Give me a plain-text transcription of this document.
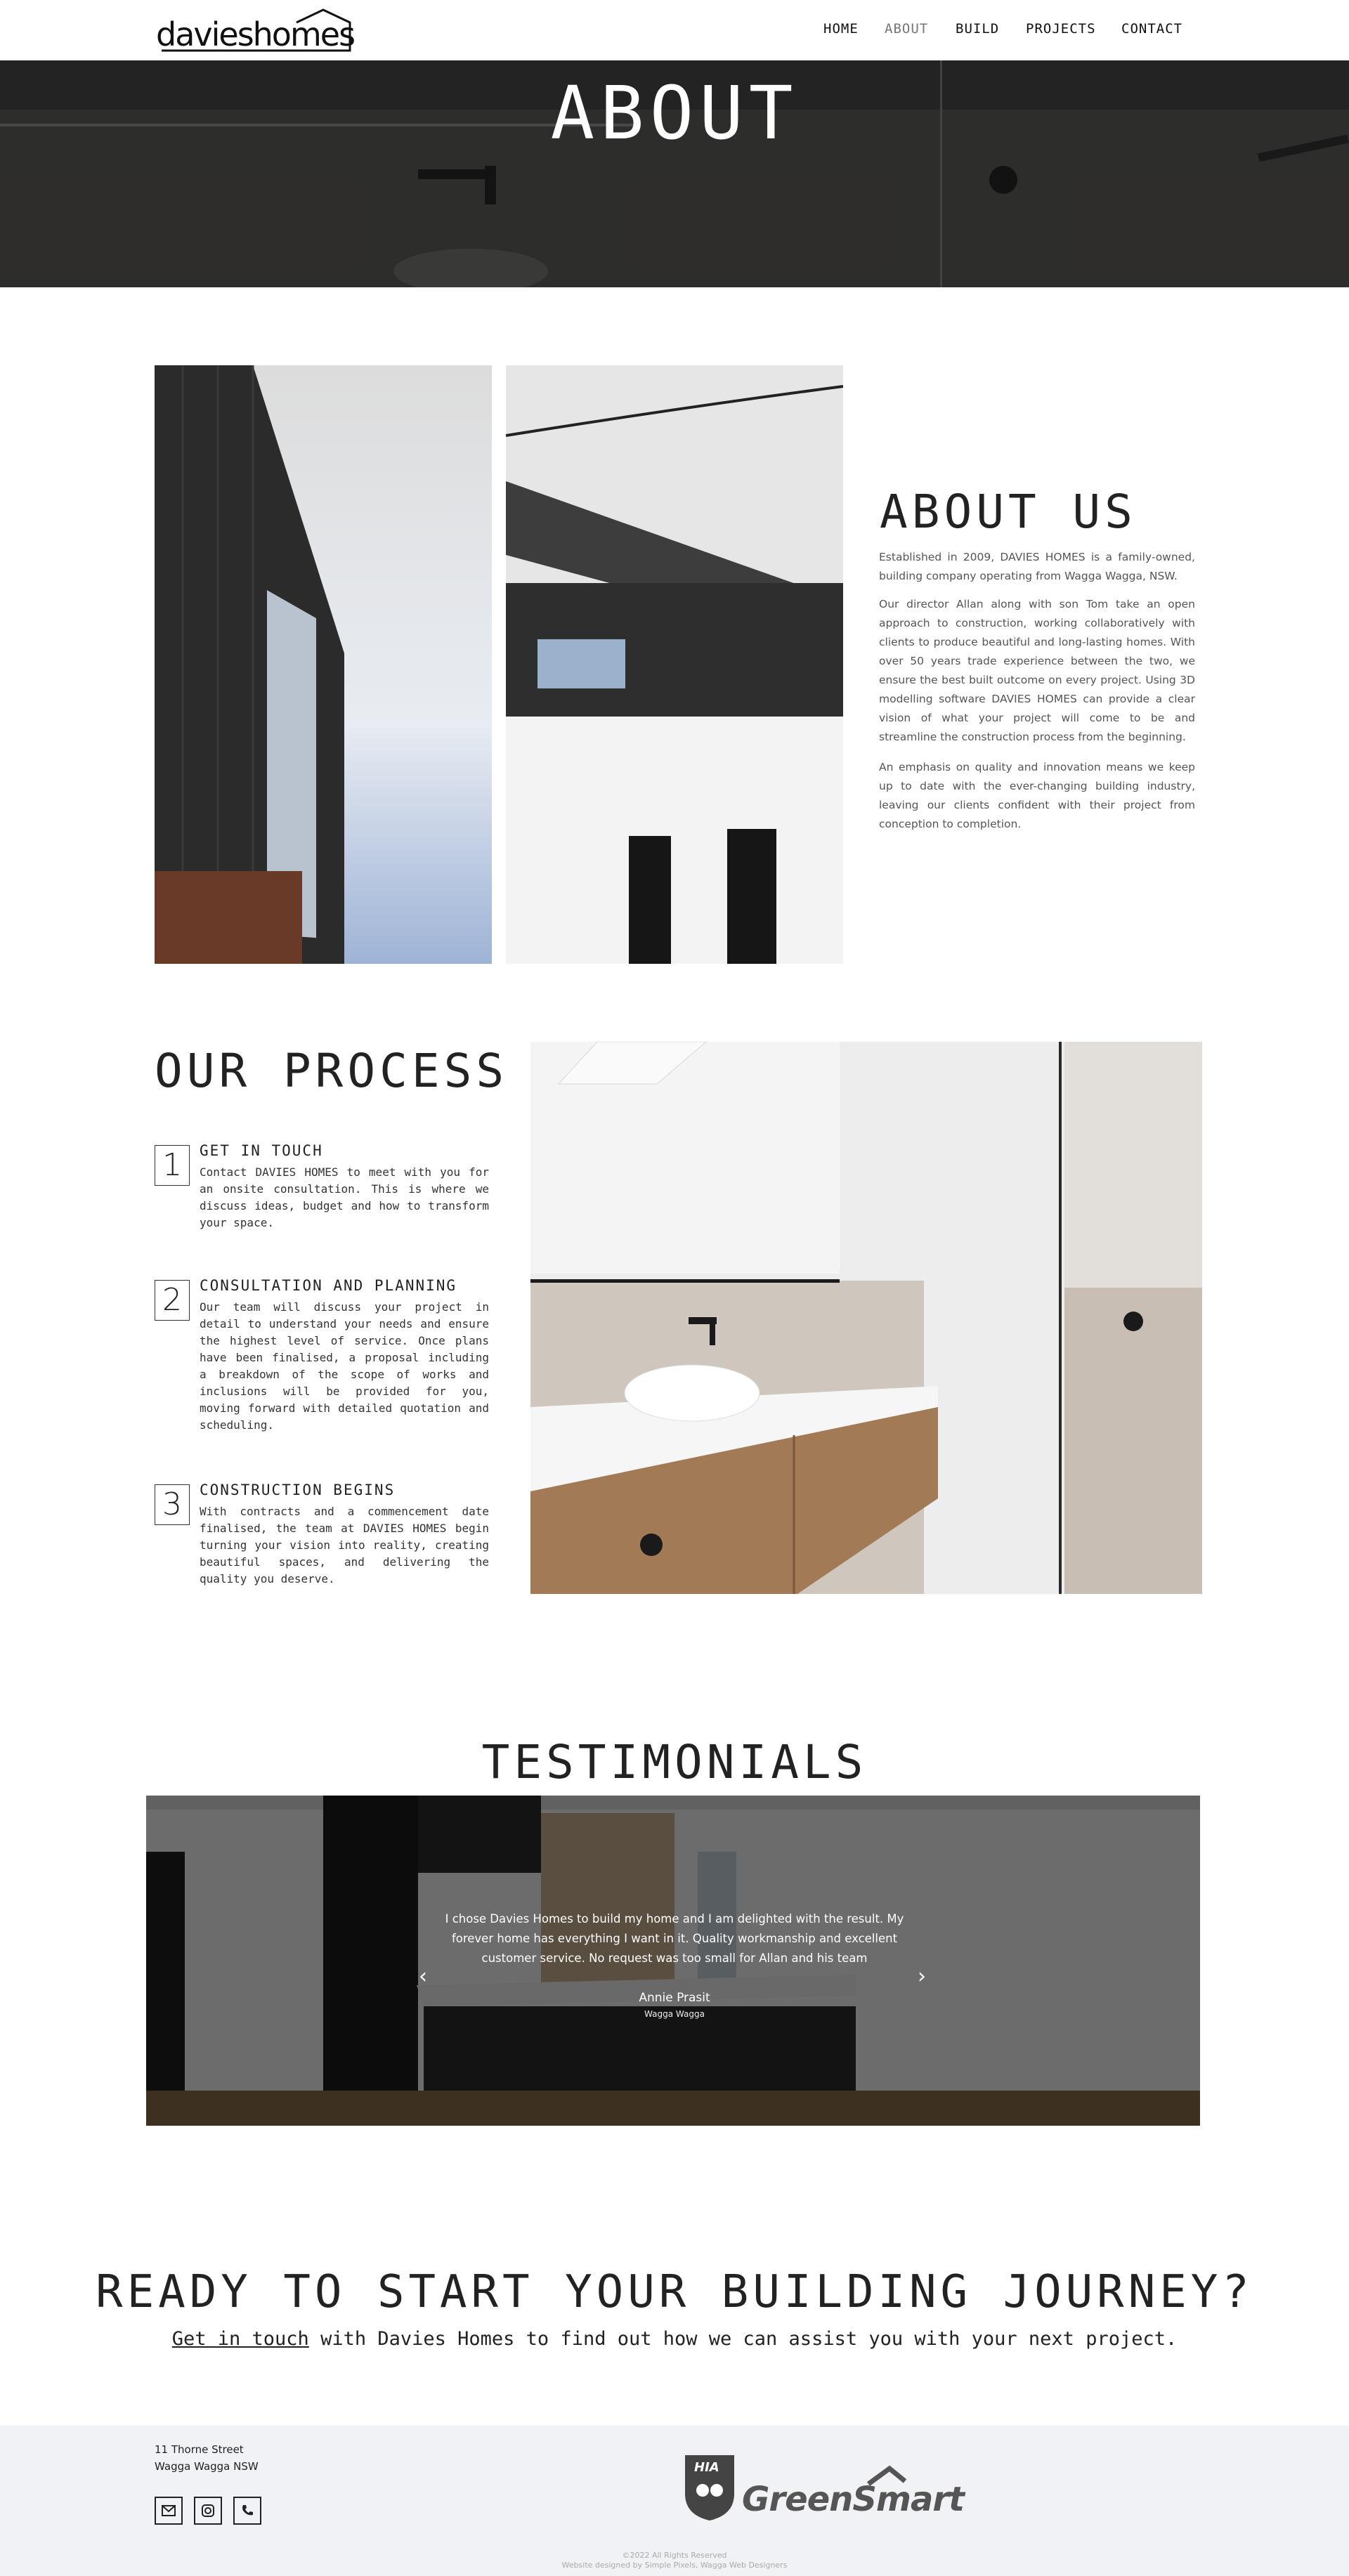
davieshomes	HOME ABOUT BUILD PROJECTS CONTACT
ABOUT
ABOUT US
Established in 2009, DAVIES HOMES is a family-owned, building company operating from Wagga Wagga, NSW.
Our director Allan along with son Tom take an open approach to construction, working collaboratively with clients to produce beautiful and long-lasting homes. With over 50 years trade experience between the two, we ensure the best built outcome on every project. Using 3D modelling software DAVIES HOMES can provide a clear vision of what your project will come to be and streamline the construction process from the beginning.
An emphasis on quality and innovation means we keep up to date with the ever-changing building industry, leaving our clients confident with their project from conception to completion.
OUR PROCESS
1	GET IN TOUCH
Contact DAVIES HOMES to meet with you for an onsite consultation. This is where we discuss ideas, budget and how to transform your space.
2	CONSULTATION AND PLANNING
Our team will discuss your project in detail to understand your needs and ensure the highest level of service. Once plans have been finalised, a proposal including a breakdown of the scope of works and inclusions will be provided for you, moving forward with detailed quotation and scheduling.
3	CONSTRUCTION BEGINS
With contracts and a commencement date finalised, the team at DAVIES HOMES begin turning your vision into reality, creating beautiful spaces, and delivering the quality you deserve.
TESTIMONIALS
I chose Davies Homes to build my home and I am delighted with the result. My forever home has everything I want in it. Quality workmanship and excellent customer service. No request was too small for Allan and his team
Annie Prasit
Wagga Wagga
‹	›
READY TO START YOUR BUILDING JOURNEY?
Get in touch with Davies Homes to find out how we can assist you with your next project.
11 Thorne Street
Wagga Wagga NSW	HIA
GreenSmart
©2022 All Rights Reserved
Website designed by Simple Pixels, Wagga Web Designers
